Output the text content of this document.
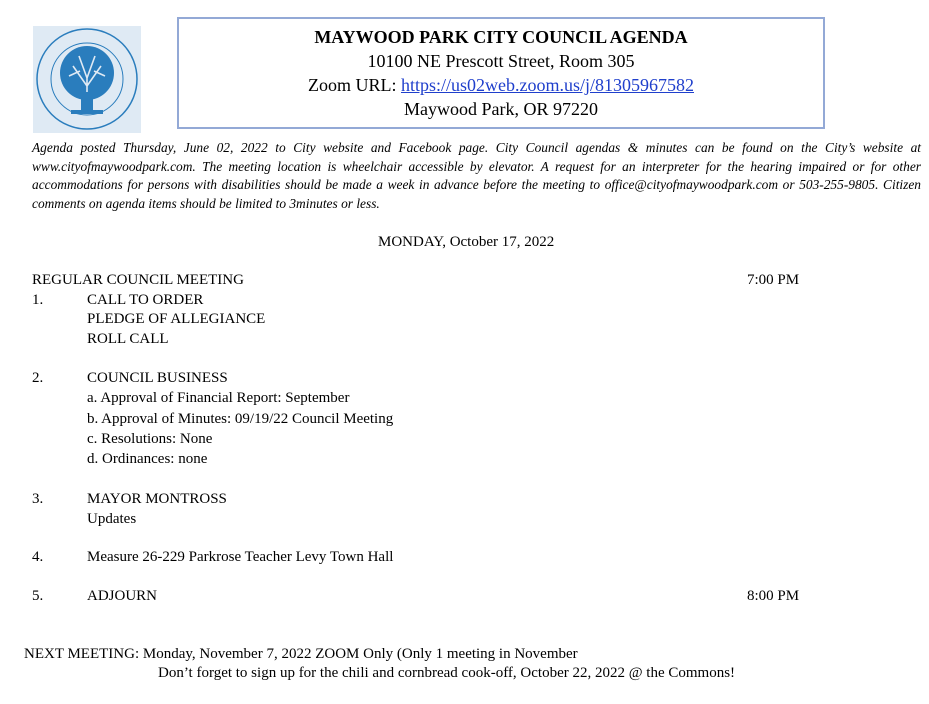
MAYWOOD PARK CITY COUNCIL AGENDA
10100 NE Prescott Street, Room 305
Zoom URL: https://us02web.zoom.us/j/81305967582
Maywood Park, OR 97220
Agenda posted Thursday, June 02, 2022 to City website and Facebook page. City Council agendas & minutes can be found on the City’s website at www.cityofmaywoodpark.com. The meeting location is wheelchair accessible by elevator. A request for an interpreter for the hearing impaired or for other accommodations for persons with disabilities should be made a week in advance before the meeting to office@cityofmaywoodpark.com or 503-255-9805. Citizen comments on agenda items should be limited to 3minutes or less.
MONDAY, October 17, 2022
REGULAR COUNCIL MEETING	7:00 PM
1.	CALL TO ORDER
PLEDGE OF ALLEGIANCE
ROLL CALL
2.	COUNCIL BUSINESS
a. Approval of Financial Report: September
b. Approval of Minutes: 09/19/22 Council Meeting
c. Resolutions: None
d. Ordinances: none
3.	MAYOR MONTROSS
Updates
4.	Measure 26-229 Parkrose Teacher Levy Town Hall
5.	ADJOURN	8:00 PM
NEXT MEETING: Monday, November 7, 2022 ZOOM Only (Only 1 meeting in November
Don’t forget to sign up for the chili and cornbread cook-off, October 22, 2022 @ the Commons!
